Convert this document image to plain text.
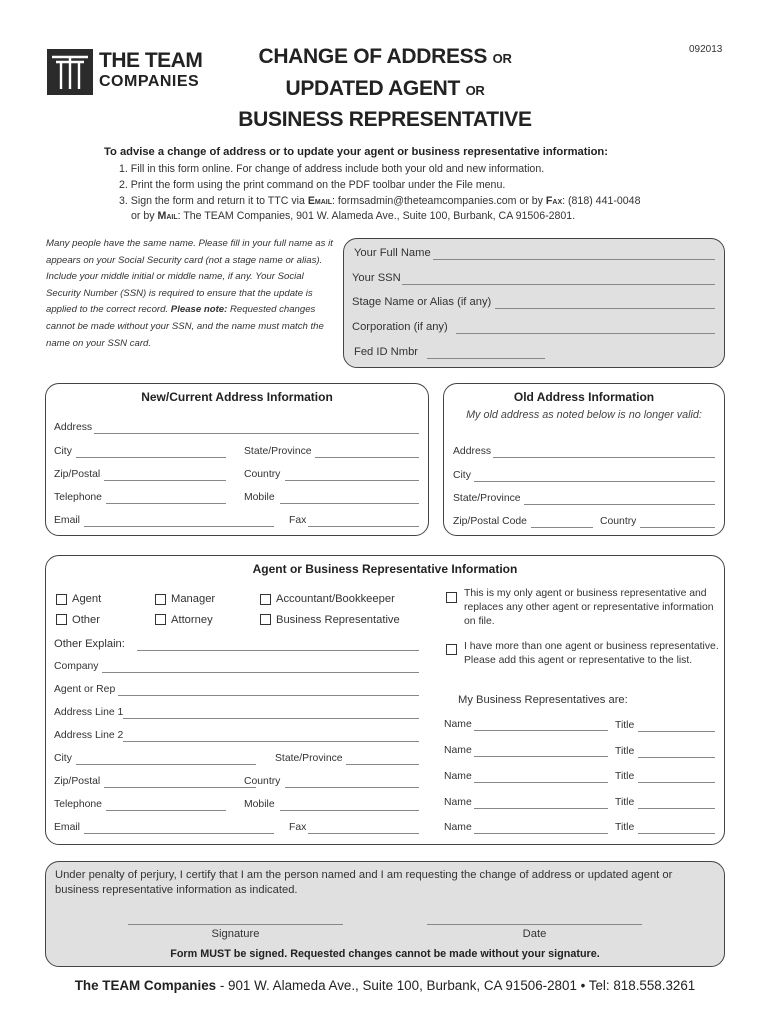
THE TEAM
COMPANIES
092013
CHANGE OF ADDRESS OR
UPDATED AGENT OR
BUSINESS REPRESENTATIVE
To advise a change of address or to update your agent or business representative information:
1. Fill in this form online. For change of address include both your old and new information.
2. Print the form using the print command on the PDF toolbar under the File menu.
3. Sign the form and return it to TTC via Email: formsadmin@theteamcompanies.com or by Fax: (818) 441-0048
or by Mail: The TEAM Companies, 901 W. Alameda Ave., Suite 100, Burbank, CA 91506-2801.
Many people have the same name. Please fill in your full name as it appears on your Social Security card (not a stage name or alias). Include your middle initial or middle name, if any. Your Social Security Number (SSN) is required to ensure that the update is applied to the correct record. Please note: Requested changes cannot be made without your SSN, and the name must match the name on your SSN card.
Your Full Name
Your SSN
Stage Name or Alias (if any)
Corporation (if any)
Fed ID Nmbr
New/Current Address Information
Address
City	State/Province
Zip/Postal	Country
Telephone	Mobile
Email	Fax
Old Address Information
My old address as noted below is no longer valid:
Address
City
State/Province
Zip/Postal Code	Country
Agent or Business Representative Information
Agent
Other
Manager
Attorney
Accountant/Bookkeeper
Business Representative
Other Explain:
Company
Agent or Rep
Address Line 1
Address Line 2
City	State/Province
Zip/Postal	Country
Telephone	Mobile
Email	Fax
This is my only agent or business representative and
replaces any other agent or representative information
on file.
I have more than one agent or business representative.
Please add this agent or representative to the list.
My Business Representatives are:
Name	Title
Name	Title
Name	Title
Name	Title
Name	Title
Under penalty of perjury, I certify that I am the person named and I am requesting the change of address or updated agent or
business representative information as indicated.
Signature	Date
Form MUST be signed. Requested changes cannot be made without your signature.
The TEAM Companies - 901 W. Alameda Ave., Suite 100, Burbank, CA 91506-2801 • Tel: 818.558.3261
